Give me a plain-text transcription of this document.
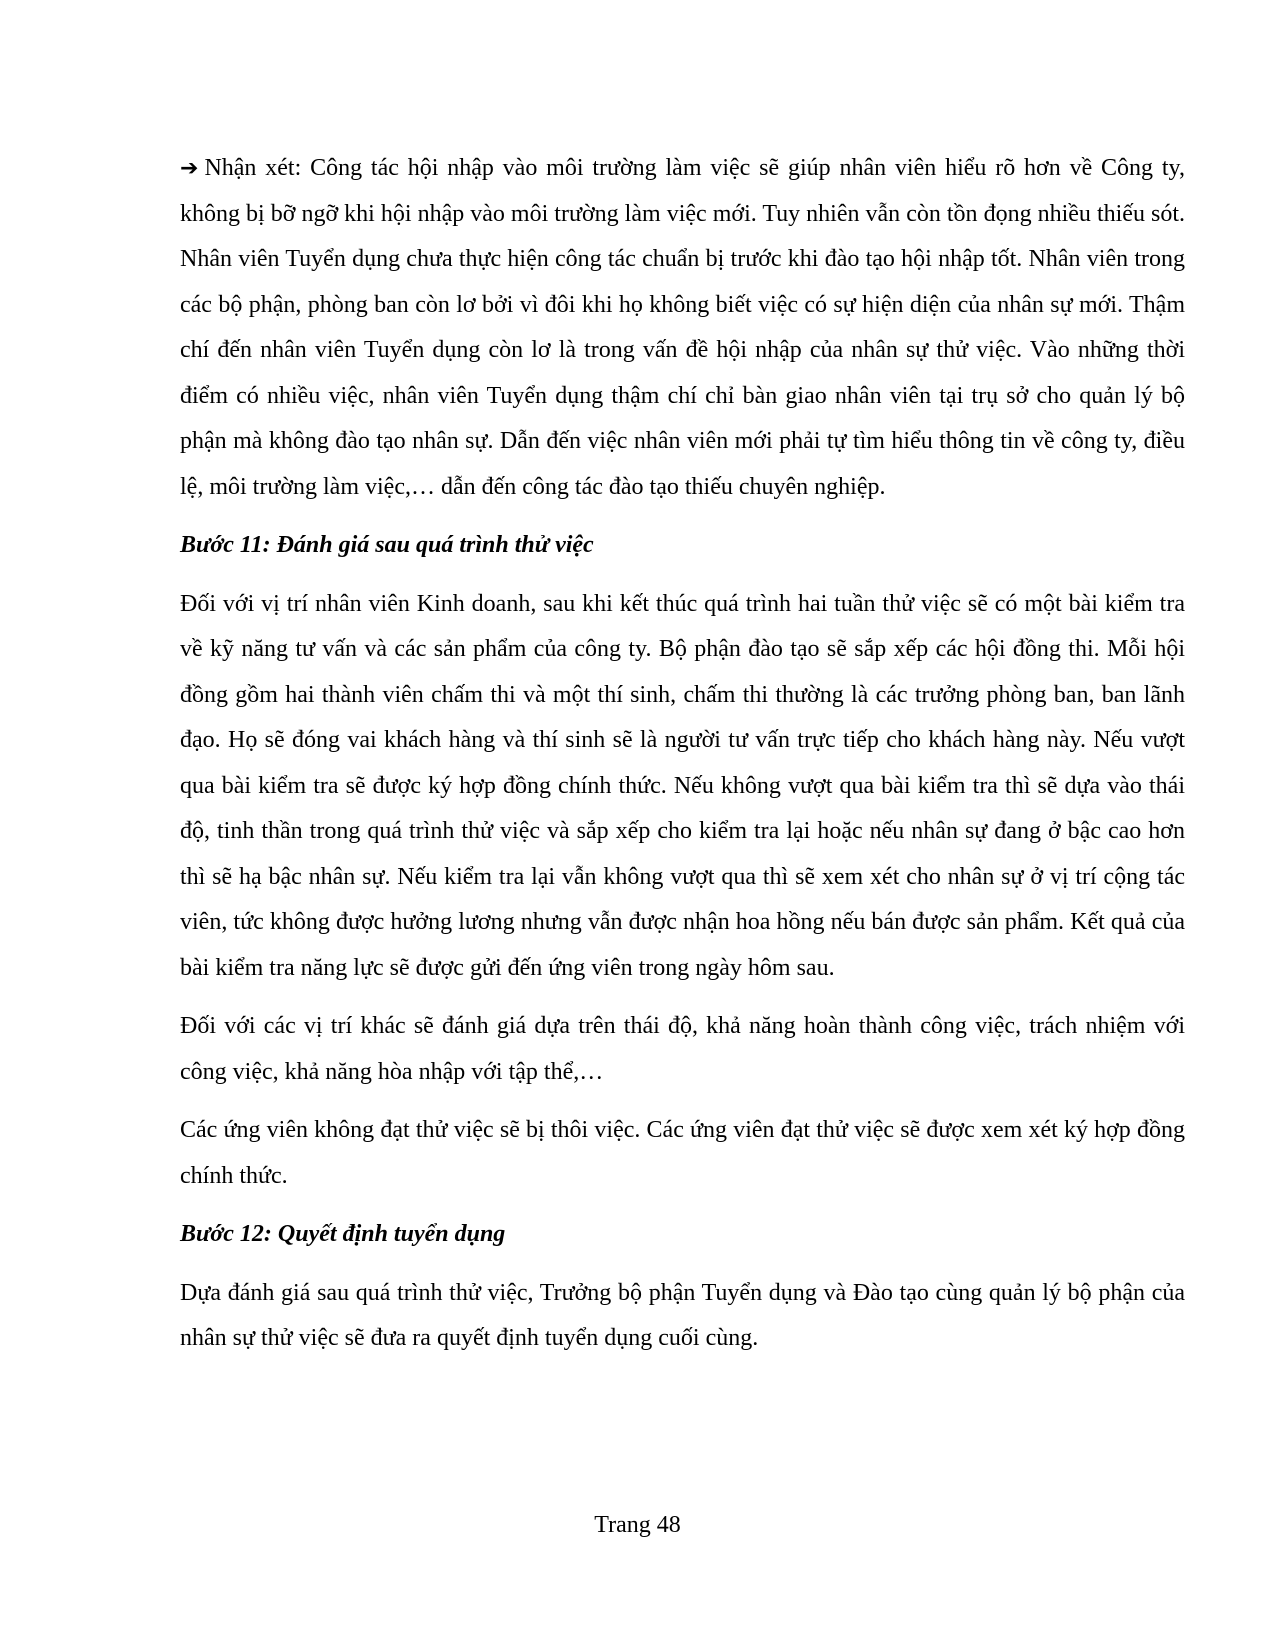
➔ Nhận xét: Công tác hội nhập vào môi trường làm việc sẽ giúp nhân viên hiểu rõ hơn về Công ty, không bị bỡ ngỡ khi hội nhập vào môi trường làm việc mới. Tuy nhiên vẫn còn tồn đọng nhiều thiếu sót. Nhân viên Tuyển dụng chưa thực hiện công tác chuẩn bị trước khi đào tạo hội nhập tốt. Nhân viên trong các bộ phận, phòng ban còn lơ bởi vì đôi khi họ không biết việc có sự hiện diện của nhân sự mới. Thậm chí đến nhân viên Tuyển dụng còn lơ là trong vấn đề hội nhập của nhân sự thử việc. Vào những thời điểm có nhiều việc, nhân viên Tuyển dụng thậm chí chỉ bàn giao nhân viên tại trụ sở cho quản lý bộ phận mà không đào tạo nhân sự. Dẫn đến việc nhân viên mới phải tự tìm hiểu thông tin về công ty, điều lệ, môi trường làm việc,… dẫn đến công tác đào tạo thiếu chuyên nghiệp.

Bước 11: Đánh giá sau quá trình thử việc

Đối với vị trí nhân viên Kinh doanh, sau khi kết thúc quá trình hai tuần thử việc sẽ có một bài kiểm tra về kỹ năng tư vấn và các sản phẩm của công ty. Bộ phận đào tạo sẽ sắp xếp các hội đồng thi. Mỗi hội đồng gồm hai thành viên chấm thi và một thí sinh, chấm thi thường là các trưởng phòng ban, ban lãnh đạo. Họ sẽ đóng vai khách hàng và thí sinh sẽ là người tư vấn trực tiếp cho khách hàng này. Nếu vượt qua bài kiểm tra sẽ được ký hợp đồng chính thức. Nếu không vượt qua bài kiểm tra thì sẽ dựa vào thái độ, tinh thần trong quá trình thử việc và sắp xếp cho kiểm tra lại hoặc nếu nhân sự đang ở bậc cao hơn thì sẽ hạ bậc nhân sự. Nếu kiểm tra lại vẫn không vượt qua thì sẽ xem xét cho nhân sự ở vị trí cộng tác viên, tức không được hưởng lương nhưng vẫn được nhận hoa hồng nếu bán được sản phẩm. Kết quả của bài kiểm tra năng lực sẽ được gửi đến ứng viên trong ngày hôm sau.

Đối với các vị trí khác sẽ đánh giá dựa trên thái độ, khả năng hoàn thành công việc, trách nhiệm với công việc, khả năng hòa nhập với tập thể,…

Các ứng viên không đạt thử việc sẽ bị thôi việc. Các ứng viên đạt thử việc sẽ được xem xét ký hợp đồng chính thức.

Bước 12: Quyết định tuyển dụng

Dựa đánh giá sau quá trình thử việc, Trưởng bộ phận Tuyển dụng và Đào tạo cùng quản lý bộ phận của nhân sự thử việc sẽ đưa ra quyết định tuyển dụng cuối cùng.

Trang 48
